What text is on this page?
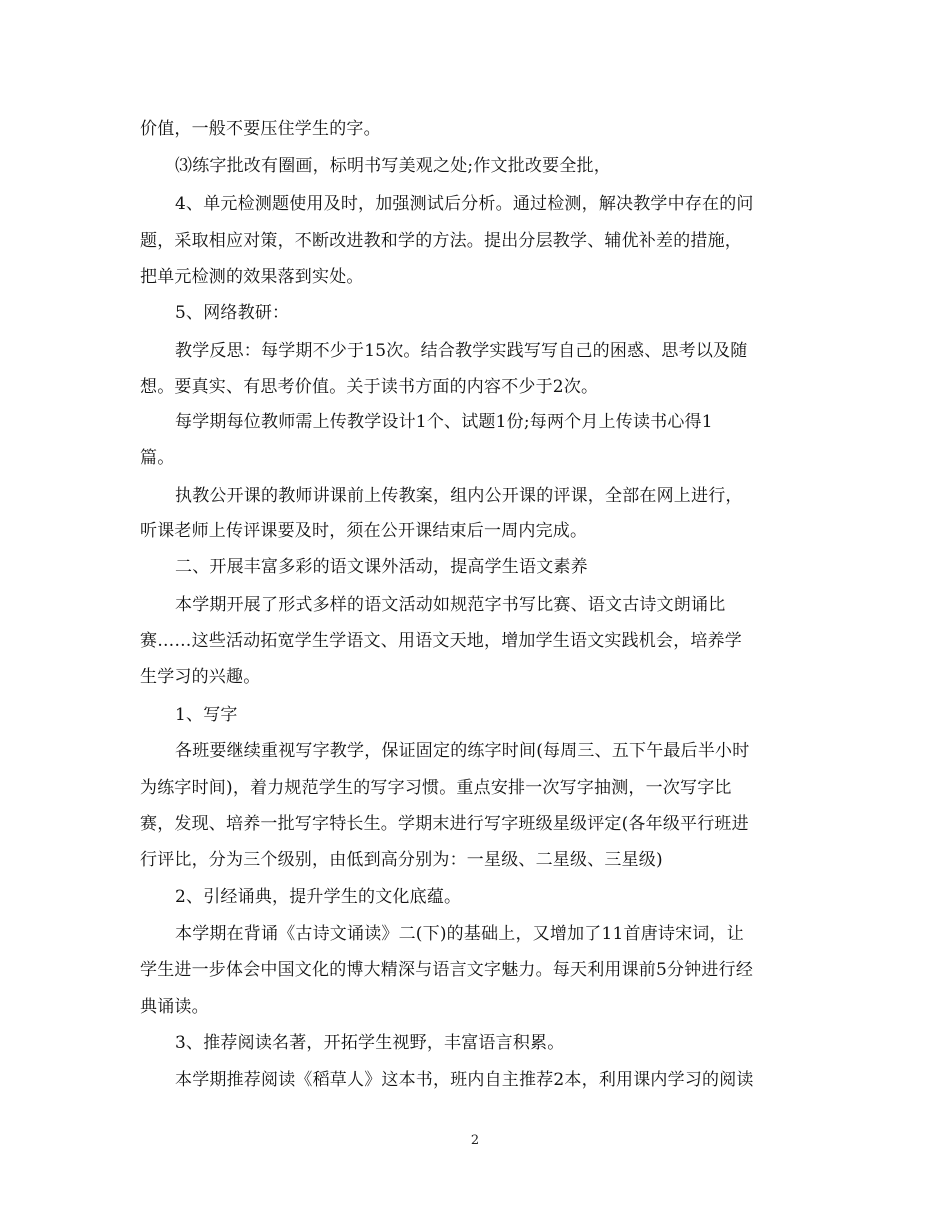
价值，一般不要压住学生的字。
⑶练字批改有圈画，标明书写美观之处;作文批改要全批，
4、单元检测题使用及时，加强测试后分析。通过检测，解决教学中存在的问
题，采取相应对策，不断改进教和学的方法。提出分层教学、辅优补差的措施，
把单元检测的效果落到实处。
5、网络教研：
教学反思：每学期不少于15次。结合教学实践写写自己的困惑、思考以及随
想。要真实、有思考价值。关于读书方面的内容不少于2次。
每学期每位教师需上传教学设计1个、试题1份;每两个月上传读书心得1
篇。
执教公开课的教师讲课前上传教案，组内公开课的评课，全部在网上进行，
听课老师上传评课要及时，须在公开课结束后一周内完成。
二、开展丰富多彩的语文课外活动，提高学生语文素养
本学期开展了形式多样的语文活动如规范字书写比赛、语文古诗文朗诵比
赛……这些活动拓宽学生学语文、用语文天地，增加学生语文实践机会，培养学
生学习的兴趣。
1、写字
各班要继续重视写字教学，保证固定的练字时间(每周三、五下午最后半小时
为练字时间)，着力规范学生的写字习惯。重点安排一次写字抽测，一次写字比
赛，发现、培养一批写字特长生。学期末进行写字班级星级评定(各年级平行班进
行评比，分为三个级别，由低到高分别为：一星级、二星级、三星级)
2、引经诵典，提升学生的文化底蕴。
本学期在背诵《古诗文诵读》二(下)的基础上，又增加了11首唐诗宋词，让
学生进一步体会中国文化的博大精深与语言文字魅力。每天利用课前5分钟进行经
典诵读。
3、推荐阅读名著，开拓学生视野，丰富语言积累。
本学期推荐阅读《稻草人》这本书，班内自主推荐2本，利用课内学习的阅读
2
